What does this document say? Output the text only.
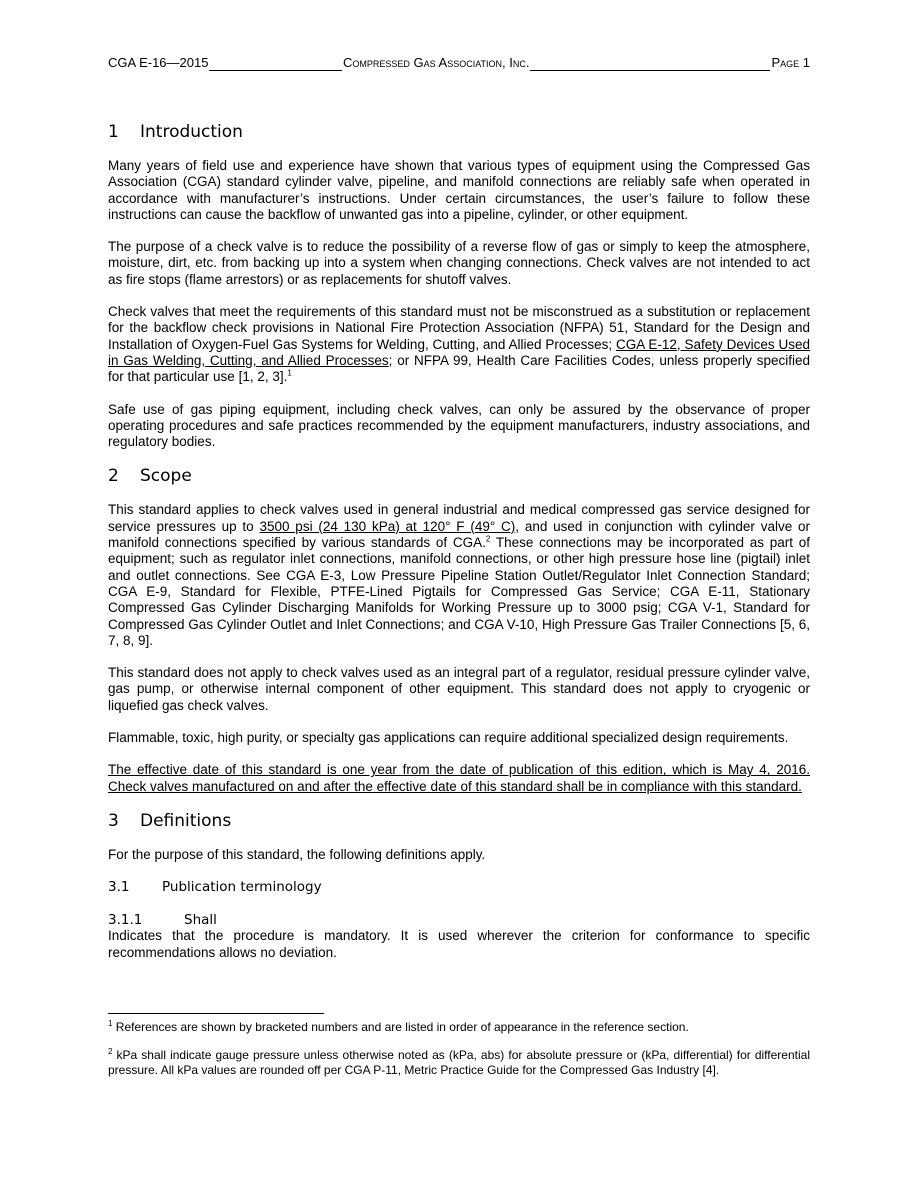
CGA E-16—2015	Compressed Gas Association, Inc.	Page 1
1 Introduction

Many years of field use and experience have shown that various types of equipment using the Compressed Gas Association (CGA) standard cylinder valve, pipeline, and manifold connections are reliably safe when operated in accordance with manufacturer’s instructions. Under certain circumstances, the user’s failure to follow these instructions can cause the backflow of unwanted gas into a pipeline, cylinder, or other equipment.

The purpose of a check valve is to reduce the possibility of a reverse flow of gas or simply to keep the atmosphere, moisture, dirt, etc. from backing up into a system when changing connections. Check valves are not intended to act as fire stops (flame arrestors) or as replacements for shutoff valves.

Check valves that meet the requirements of this standard must not be misconstrued as a substitution or replacement for the backflow check provisions in National Fire Protection Association (NFPA) 51, Standard for the Design and Installation of Oxygen-Fuel Gas Systems for Welding, Cutting, and Allied Processes; CGA E-12, Safety Devices Used in Gas Welding, Cutting, and Allied Processes; or NFPA 99, Health Care Facilities Codes, unless properly specified for that particular use [1, 2, 3].$^1$

Safe use of gas piping equipment, including check valves, can only be assured by the observance of proper operating procedures and safe practices recommended by the equipment manufacturers, industry associations, and regulatory bodies.

2 Scope

This standard applies to check valves used in general industrial and medical compressed gas service designed for service pressures up to 3500 psi (24 130 kPa) at 120° F (49° C), and used in conjunction with cylinder valve or manifold connections specified by various standards of CGA.$^2$ These connections may be incorporated as part of equipment; such as regulator inlet connections, manifold connections, or other high pressure hose line (pigtail) inlet and outlet connections. See CGA E-3, Low Pressure Pipeline Station Outlet/Regulator Inlet Connection Standard; CGA E-9, Standard for Flexible, PTFE-Lined Pigtails for Compressed Gas Service; CGA E-11, Stationary Compressed Gas Cylinder Discharging Manifolds for Working Pressure up to 3000 psig; CGA V-1, Standard for Compressed Gas Cylinder Outlet and Inlet Connections; and CGA V-10, High Pressure Gas Trailer Connections [5, 6, 7, 8, 9].

This standard does not apply to check valves used as an integral part of a regulator, residual pressure cylinder valve, gas pump, or otherwise internal component of other equipment. This standard does not apply to cryogenic or liquefied gas check valves.

Flammable, toxic, high purity, or specialty gas applications can require additional specialized design requirements.

The effective date of this standard is one year from the date of publication of this edition, which is May 4, 2016. Check valves manufactured on and after the effective date of this standard shall be in compliance with this standard.

3 Definitions

For the purpose of this standard, the following definitions apply.

3.1 Publication terminology
3.1.1	Shall

Indicates that the procedure is mandatory. It is used wherever the criterion for conformance to specific recommendations allows no deviation.

$^1$ References are shown by bracketed numbers and are listed in order of appearance in the reference section.
$^2$ kPa shall indicate gauge pressure unless otherwise noted as (kPa, abs) for absolute pressure or (kPa, differential) for differential pressure. All kPa values are rounded off per CGA P-11, Metric Practice Guide for the Compressed Gas Industry [4].
